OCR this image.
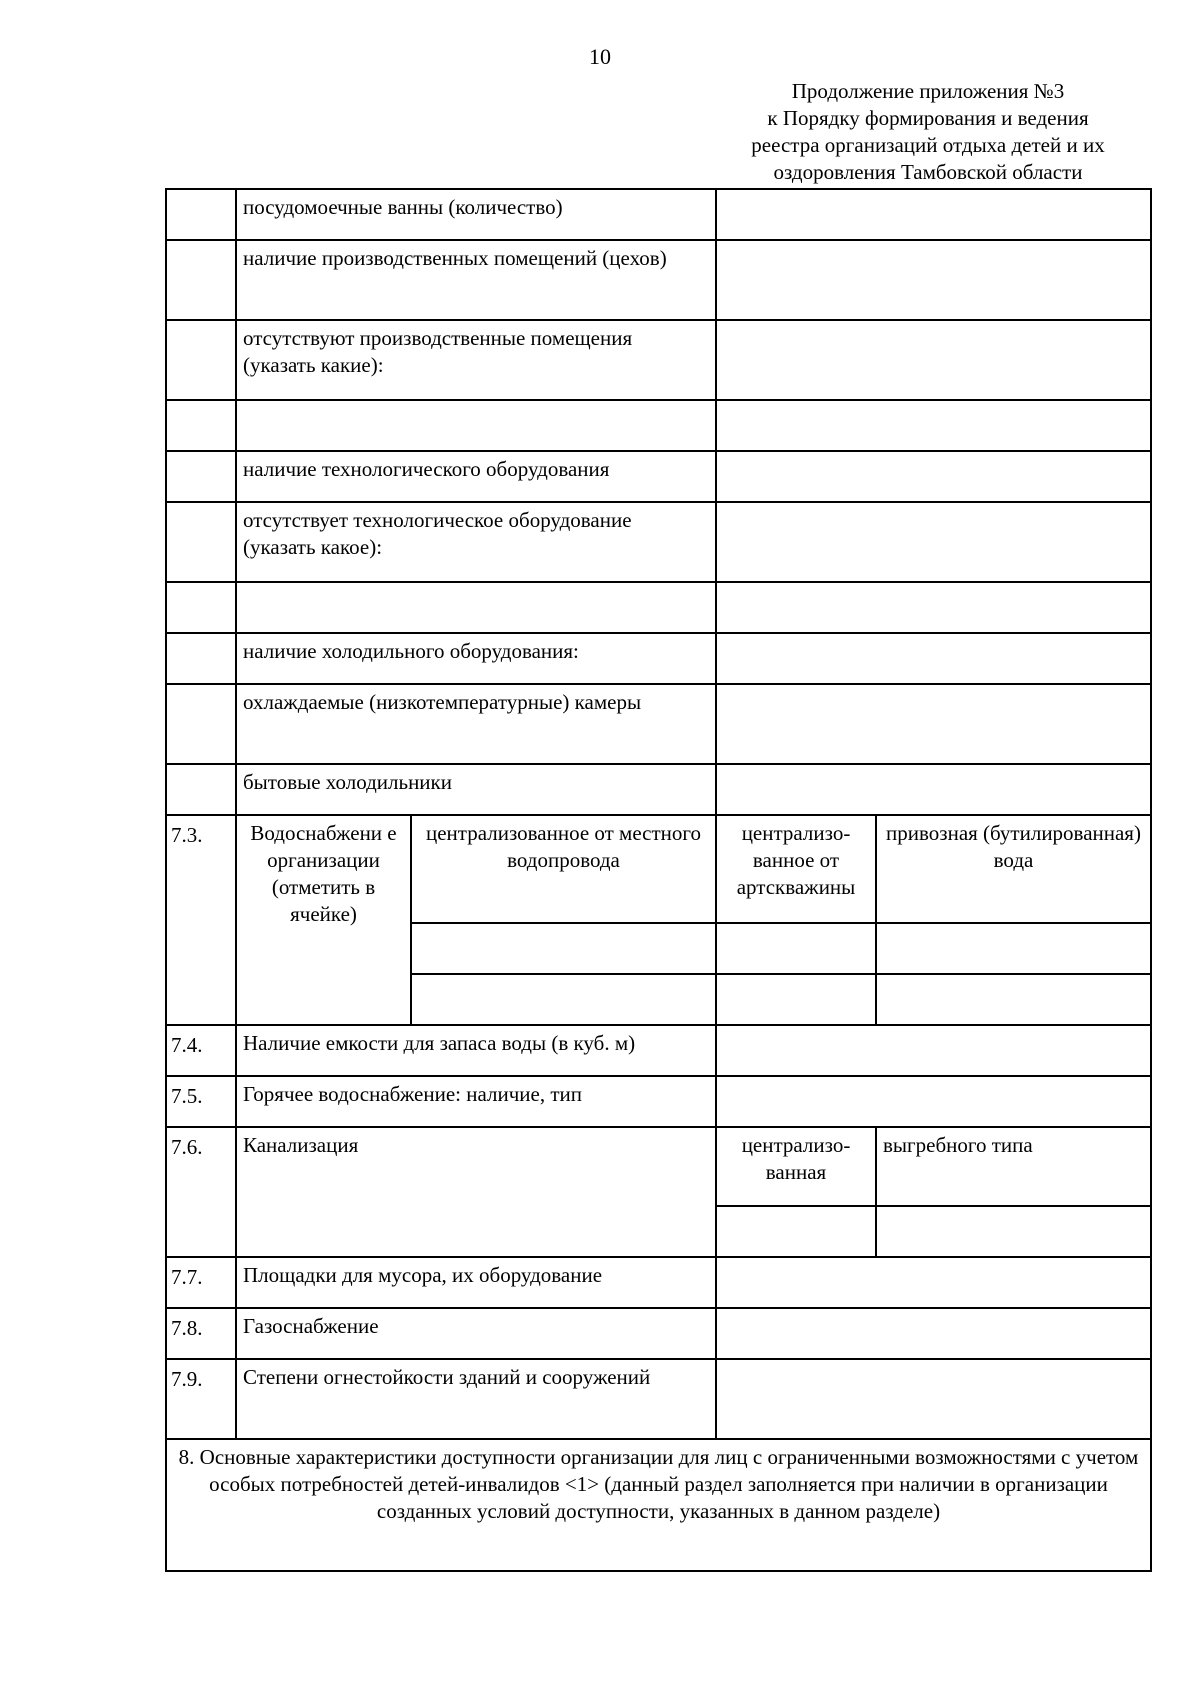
10
Продолжение приложения №3
к Порядку формирования и ведения
реестра организаций отдыха детей и их
оздоровления Тамбовской области
	посудомоечные ванны (количество)			
	наличие производственных помещений (цехов)			
	отсутствуют производственные помещения (указать какие):			

	наличие технологического оборудования			
	отсутствует технологическое оборудование (указать какое):			

	наличие холодильного оборудования:			
	охлаждаемые (низкотемпературные) камеры			
	бытовые холодильники			
7.3.	Водоснабжени е организации (отметить в ячейке)	централизованное от местного водопровода	централизо-ванное от артскважины	привозная (бутилированная) вода

7.4.	Наличие емкости для запаса воды (в куб. м)			
7.5.	Горячее водоснабжение: наличие, тип			
7.6.	Канализация		централизо-ванная	выгребного типа

7.7.	Площадки для мусора, их оборудование			
7.8.	Газоснабжение			
7.9.	Степени огнестойкости зданий и сооружений			
8. Основные характеристики доступности организации для лиц с ограниченными возможностями с учетом особых потребностей детей-инвалидов <1> (данный раздел заполняется при наличии в организации созданных условий доступности, указанных в данном разделе)				
